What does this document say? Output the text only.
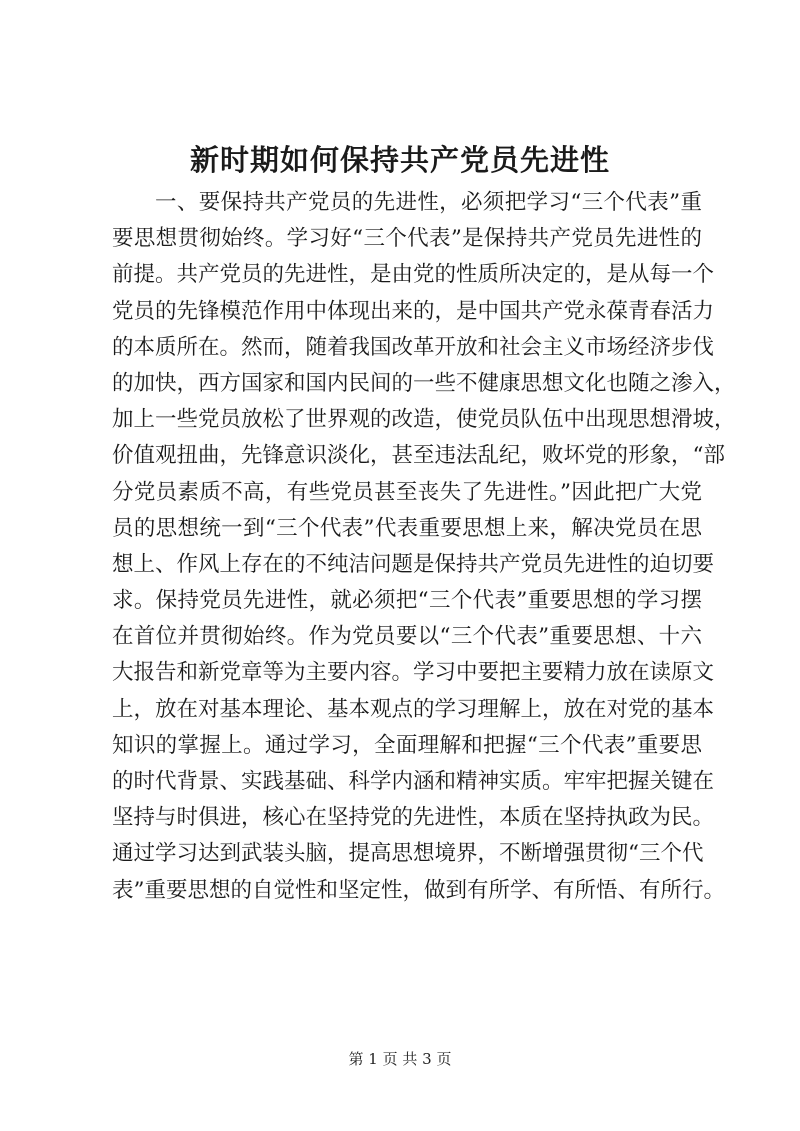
新时期如何保持共产党员先进性
一、要保持共产党员的先进性，必须把学习“三个代表”重
要思想贯彻始终。学习好“三个代表”是保持共产党员先进性的
前提。共产党员的先进性，是由党的性质所决定的，是从每一个
党员的先锋模范作用中体现出来的，是中国共产党永葆青春活力
的本质所在。然而，随着我国改革开放和社会主义市场经济步伐
的加快，西方国家和国内民间的一些不健康思想文化也随之渗入，
加上一些党员放松了世界观的改造，使党员队伍中出现思想滑坡，
价值观扭曲，先锋意识淡化，甚至违法乱纪，败坏党的形象，“部
分党员素质不高，有些党员甚至丧失了先进性。”因此把广大党
员的思想统一到“三个代表”代表重要思想上来，解决党员在思
想上、作风上存在的不纯洁问题是保持共产党员先进性的迫切要
求。保持党员先进性，就必须把“三个代表”重要思想的学习摆
在首位并贯彻始终。作为党员要以“三个代表”重要思想、十六
大报告和新党章等为主要内容。学习中要把主要精力放在读原文
上，放在对基本理论、基本观点的学习理解上，放在对党的基本
知识的掌握上。通过学习，全面理解和把握“三个代表”重要思
的时代背景、实践基础、科学内涵和精神实质。牢牢把握关键在
坚持与时俱进，核心在坚持党的先进性，本质在坚持执政为民。
通过学习达到武装头脑，提高思想境界，不断增强贯彻“三个代
表”重要思想的自觉性和坚定性，做到有所学、有所悟、有所行。
第 1 页 共 3 页
